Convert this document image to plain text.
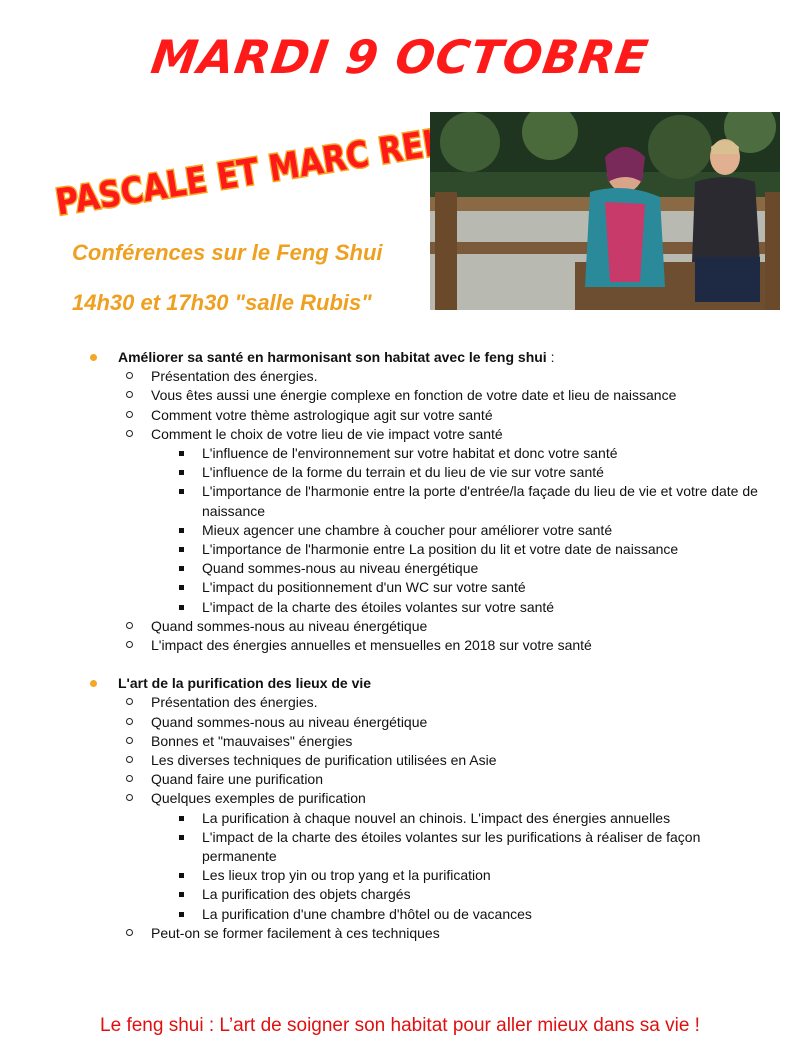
MARDI 9 OCTOBRE
PASCALE ET MARC REIS
Conférences sur le Feng Shui
14h30 et 17h30 "salle Rubis"
Améliorer sa santé en harmonisant son habitat avec le feng shui :
Présentation des énergies.
Vous êtes aussi une énergie complexe en fonction de votre date et lieu de naissance
Comment votre thème astrologique agit sur votre santé
Comment le choix de votre lieu de vie impact votre santé
L'influence de l'environnement sur votre habitat et donc votre santé
L'influence de la forme du terrain et du lieu de vie sur votre santé
L'importance de l'harmonie entre la porte d'entrée/la façade du lieu de vie et votre date de naissance
Mieux agencer une chambre à coucher pour améliorer votre santé
L'importance de l'harmonie entre La position du lit et votre date de naissance
Quand sommes-nous au niveau énergétique
L'impact du positionnement d'un WC sur votre santé
L'impact de la charte des étoiles volantes sur votre santé
Quand sommes-nous au niveau énergétique
L'impact des énergies annuelles et mensuelles en 2018 sur votre santé
L'art de la purification des lieux de vie
Présentation des énergies.
Quand sommes-nous au niveau énergétique
Bonnes et "mauvaises" énergies
Les diverses techniques de purification utilisées en Asie
Quand faire une purification
Quelques exemples de purification
La purification à chaque nouvel an chinois. L'impact des énergies annuelles
L'impact de la charte des étoiles volantes sur les purifications à réaliser de façon permanente
Les lieux trop yin ou trop yang et la purification
La purification des objets chargés
La purification d'une chambre d'hôtel ou de vacances
Peut-on se former facilement à ces techniques
Le feng shui : L’art de soigner son habitat pour aller mieux dans sa vie !
